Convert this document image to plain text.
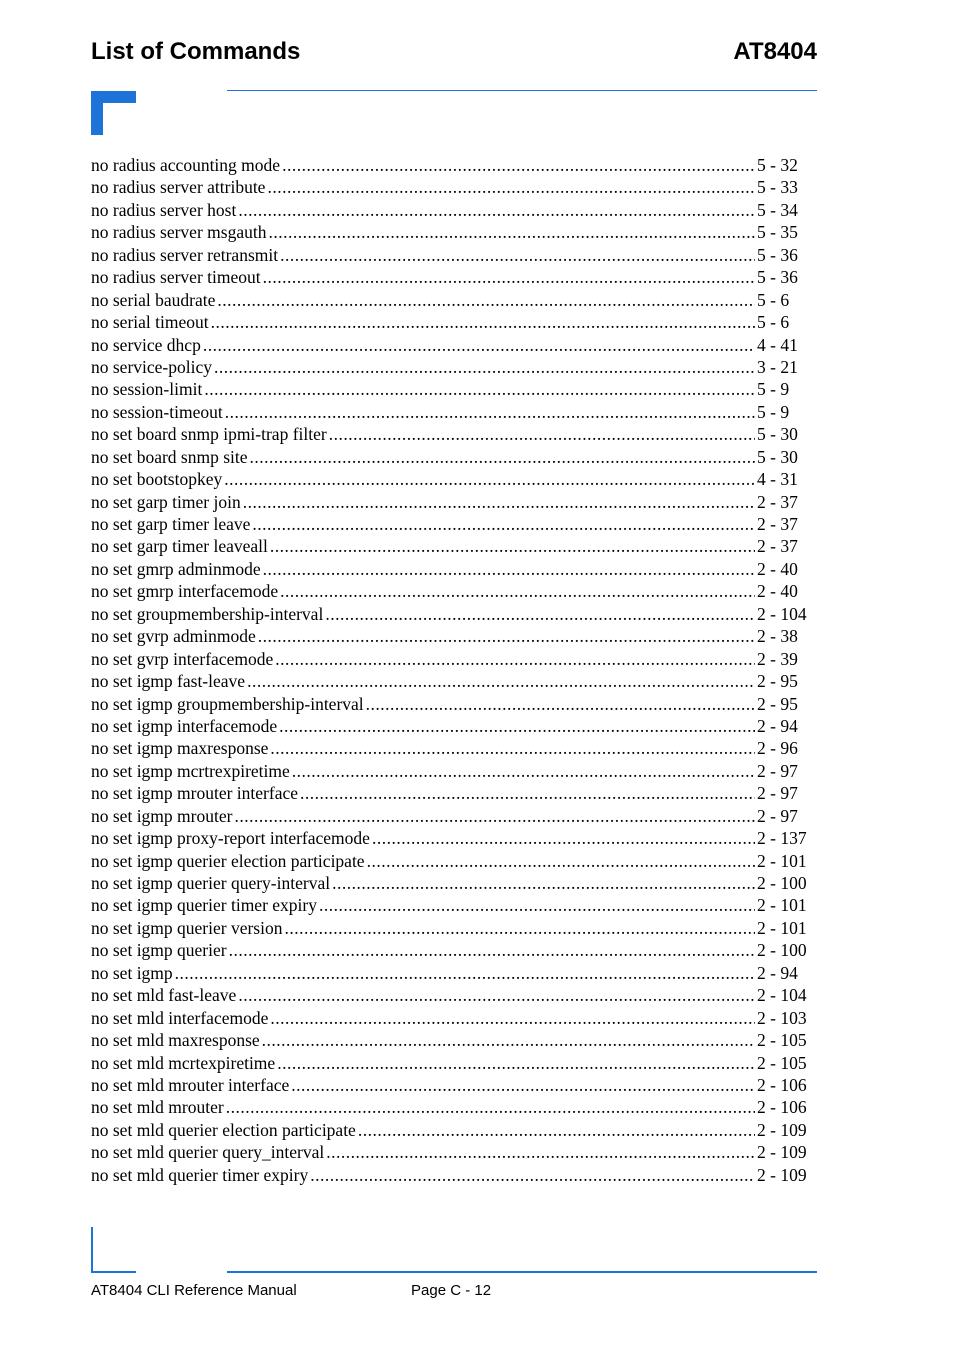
List of Commands	AT8404
no radius accounting mode .....	5 - 32
no radius server attribute .....	5 - 33
no radius server host .....	5 - 34
no radius server msgauth .....	5 - 35
no radius server retransmit .....	5 - 36
no radius server timeout .....	5 - 36
no serial baudrate .....	5 - 6
no serial timeout .....	5 - 6
no service dhcp .....	4 - 41
no service-policy .....	3 - 21
no session-limit .....	5 - 9
no session-timeout .....	5 - 9
no set board snmp ipmi-trap filter .....	5 - 30
no set board snmp site .....	5 - 30
no set bootstopkey .....	4 - 31
no set garp timer join .....	2 - 37
no set garp timer leave .....	2 - 37
no set garp timer leaveall .....	2 - 37
no set gmrp adminmode .....	2 - 40
no set gmrp interfacemode .....	2 - 40
no set groupmembership-interval .....	2 - 104
no set gvrp adminmode .....	2 - 38
no set gvrp interfacemode .....	2 - 39
no set igmp fast-leave .....	2 - 95
no set igmp groupmembership-interval .....	2 - 95
no set igmp interfacemode .....	2 - 94
no set igmp maxresponse .....	2 - 96
no set igmp mcrtrexpiretime .....	2 - 97
no set igmp mrouter interface .....	2 - 97
no set igmp mrouter .....	2 - 97
no set igmp proxy-report interfacemode .....	2 - 137
no set igmp querier election participate .....	2 - 101
no set igmp querier query-interval .....	2 - 100
no set igmp querier timer expiry .....	2 - 101
no set igmp querier version .....	2 - 101
no set igmp querier .....	2 - 100
no set igmp .....	2 - 94
no set mld fast-leave .....	2 - 104
no set mld interfacemode .....	2 - 103
no set mld maxresponse .....	2 - 105
no set mld mcrtexpiretime .....	2 - 105
no set mld mrouter interface .....	2 - 106
no set mld mrouter .....	2 - 106
no set mld querier election participate .....	2 - 109
no set mld querier query_interval .....	2 - 109
no set mld querier timer expiry .....	2 - 109
AT8404 CLI Reference Manual	Page C - 12
